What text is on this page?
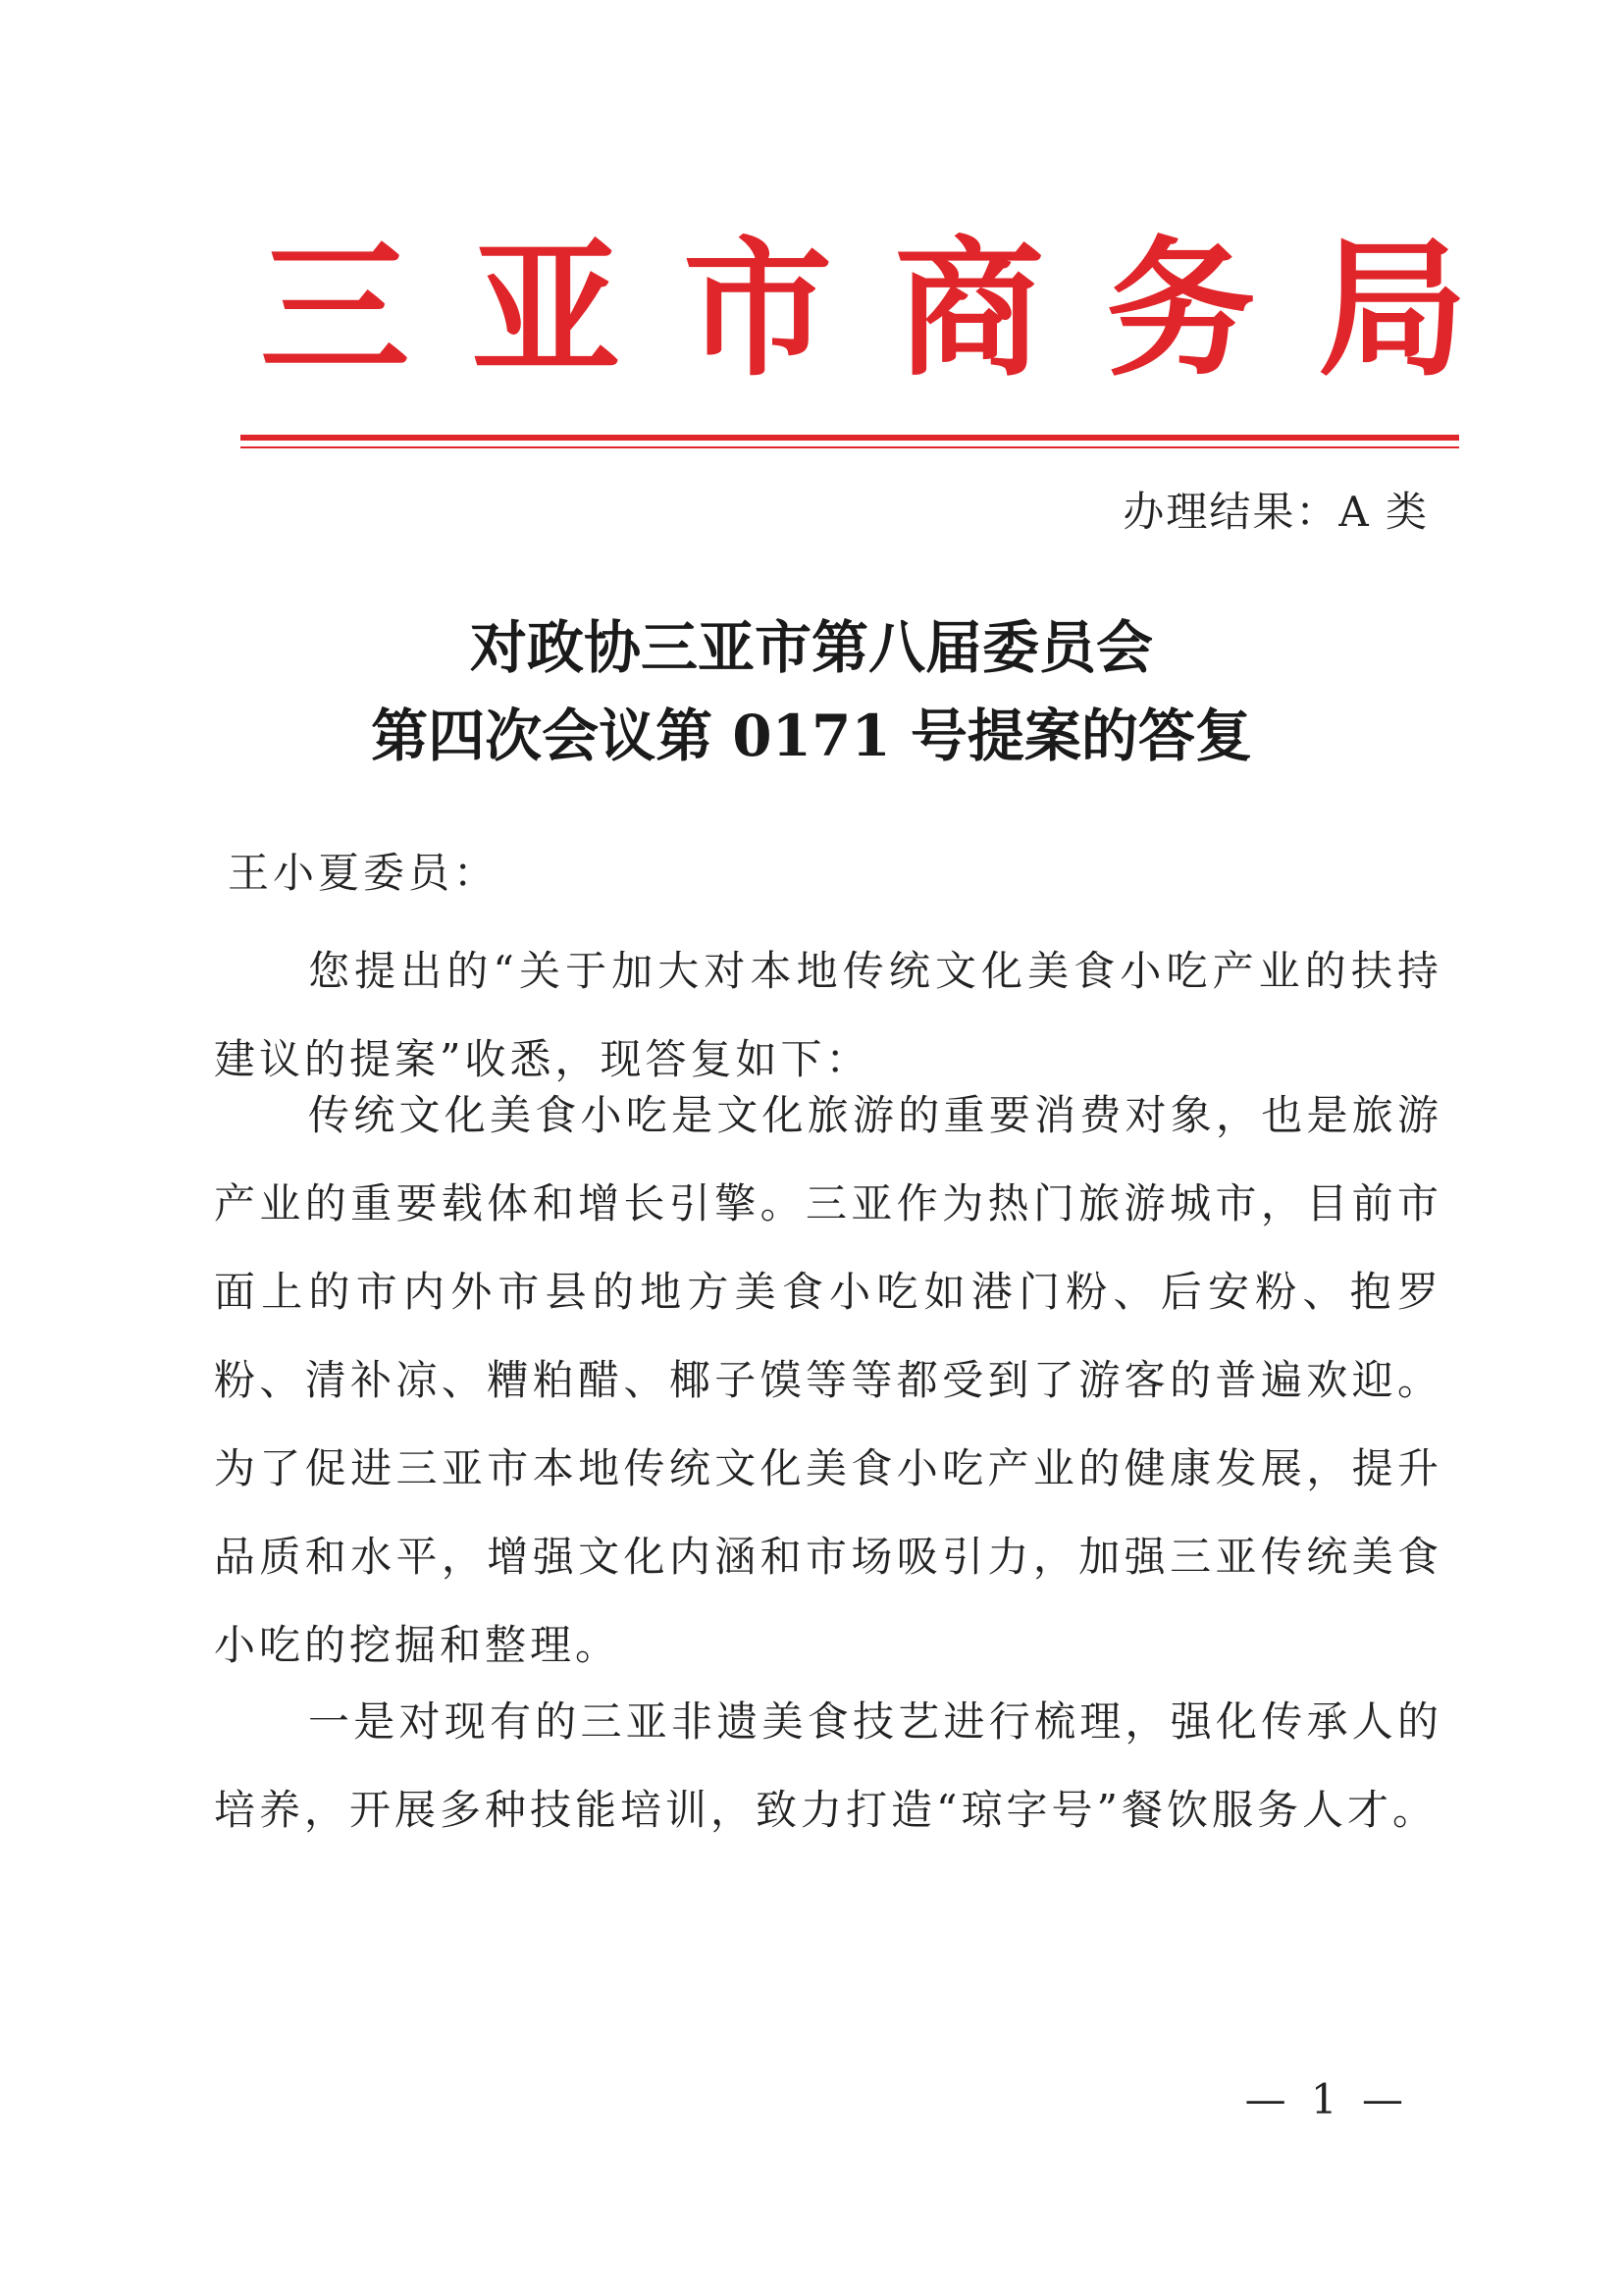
三 亚 市 商 务 局
办理结果：A 类
对政协三亚市第八届委员会
第四次会议第 0171 号提案的答复
王小夏委员：

您提出的“关于加大对本地传统文化美食小吃产业的扶持建议的提案”收悉，现答复如下：

传统文化美食小吃是文化旅游的重要消费对象，也是旅游产业的重要载体和增长引擎。三亚作为热门旅游城市，目前市面上的市内外市县的地方美食小吃如港门粉、后安粉、抱罗粉、清补凉、糟粕醋、椰子馍等等都受到了游客的普遍欢迎。为了促进三亚市本地传统文化美食小吃产业的健康发展，提升品质和水平，增强文化内涵和市场吸引力，加强三亚传统美食小吃的挖掘和整理。

一是对现有的三亚非遗美食技艺进行梳理，强化传承人的培养，开展多种技能培训，致力打造“琼字号”餐饮服务人才。

— 1 —
